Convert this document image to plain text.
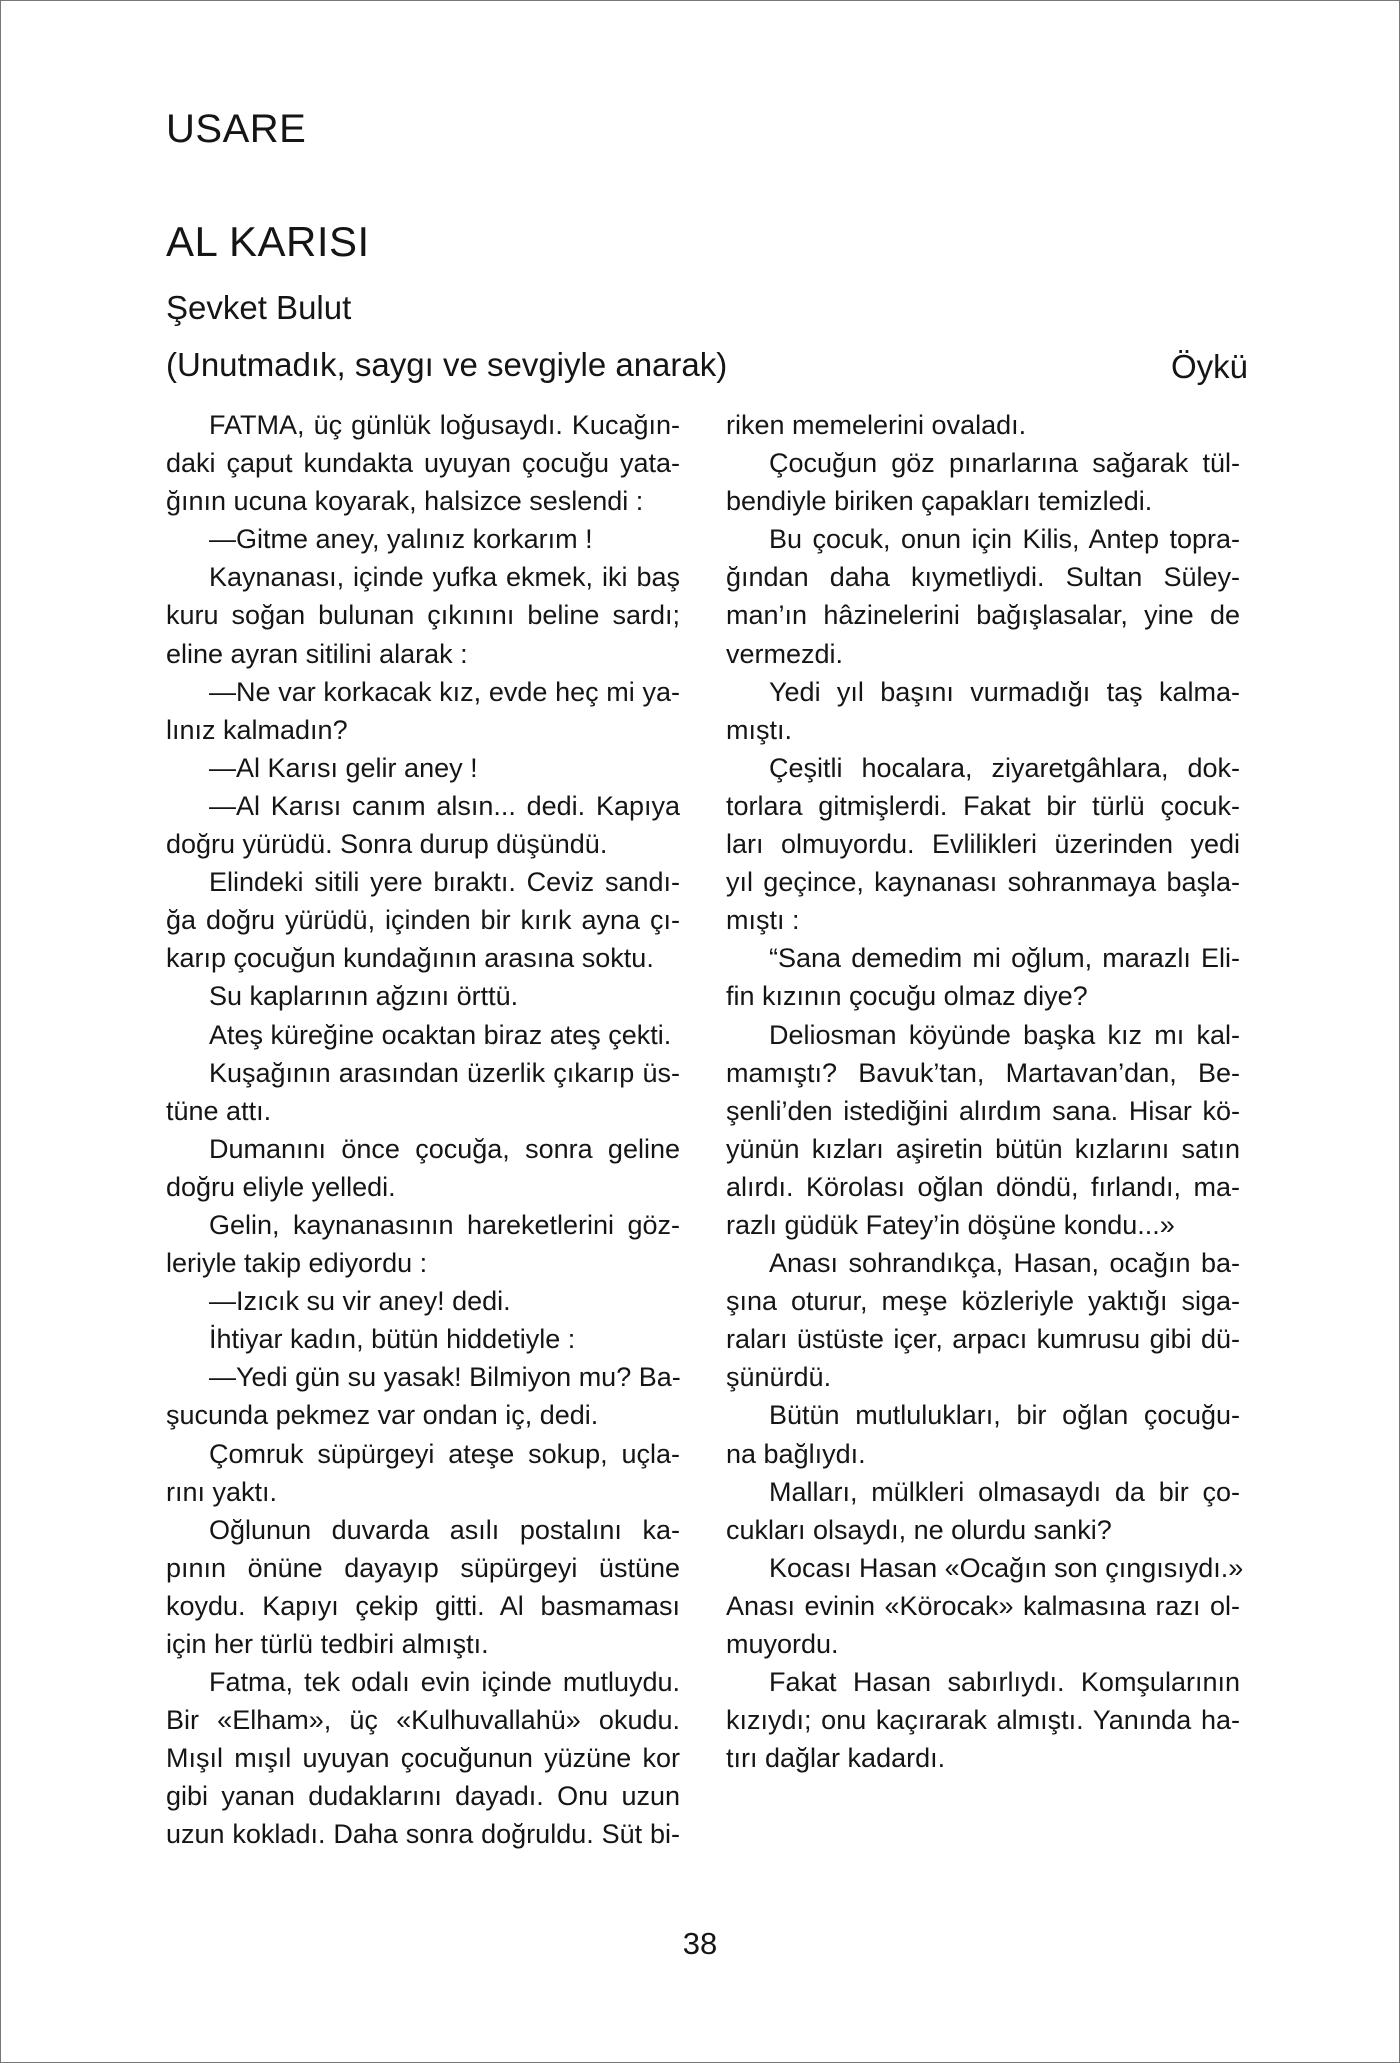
USARE
AL KARISI
Şevket Bulut
(Unutmadık, saygı ve sevgiyle anarak)	Öykü
FATMA, üç günlük loğusaydı. Kucağın-
daki çaput kundakta uyuyan çocuğu yata-
ğının ucuna koyarak, halsizce seslendi :
—Gitme aney, yalınız korkarım !
Kaynanası, içinde yufka ekmek, iki baş
kuru soğan bulunan çıkınını beline sardı;
eline ayran sitilini alarak :
—Ne var korkacak kız, evde heç mi ya-
lınız kalmadın?
—Al Karısı gelir aney !
—Al Karısı canım alsın... dedi. Kapıya
doğru yürüdü. Sonra durup düşündü.
Elindeki sitili yere bıraktı. Ceviz sandı-
ğa doğru yürüdü, içinden bir kırık ayna çı-
karıp çocuğun kundağının arasına soktu.
Su kaplarının ağzını örttü.
Ateş küreğine ocaktan biraz ateş çekti.
Kuşağının arasından üzerlik çıkarıp üs-
tüne attı.
Dumanını önce çocuğa, sonra geline
doğru eliyle yelledi.
Gelin, kaynanasının hareketlerini göz-
leriyle takip ediyordu :
—Izıcık su vir aney! dedi.
İhtiyar kadın, bütün hiddetiyle :
—Yedi gün su yasak! Bilmiyon mu? Ba-
şucunda pekmez var ondan iç, dedi.
Çomruk süpürgeyi ateşe sokup, uçla-
rını yaktı.
Oğlunun duvarda asılı postalını ka-
pının önüne dayayıp süpürgeyi üstüne
koydu. Kapıyı çekip gitti. Al basmaması
için her türlü tedbiri almıştı.
Fatma, tek odalı evin içinde mutluydu.
Bir «Elham», üç «Kulhuvallahü» okudu.
Mışıl mışıl uyuyan çocuğunun yüzüne kor
gibi yanan dudaklarını dayadı. Onu uzun
uzun kokladı. Daha sonra doğruldu. Süt bi-
riken memelerini ovaladı.
Çocuğun göz pınarlarına sağarak tül-
bendiyle biriken çapakları temizledi.
Bu çocuk, onun için Kilis, Antep topra-
ğından daha kıymetliydi. Sultan Süley-
man’ın hâzinelerini bağışlasalar, yine de
vermezdi.
Yedi yıl başını vurmadığı taş kalma-
mıştı.
Çeşitli hocalara, ziyaretgâhlara, dok-
torlara gitmişlerdi. Fakat bir türlü çocuk-
ları olmuyordu. Evlilikleri üzerinden yedi
yıl geçince, kaynanası sohranmaya başla-
mıştı :
“Sana demedim mi oğlum, marazlı Eli-
fin kızının çocuğu olmaz diye?
Deliosman köyünde başka kız mı kal-
mamıştı? Bavuk’tan, Martavan’dan, Be-
şenli’den istediğini alırdım sana. Hisar kö-
yünün kızları aşiretin bütün kızlarını satın
alırdı. Körolası oğlan döndü, fırlandı, ma-
razlı güdük Fatey’in döşüne kondu...»
Anası sohrandıkça, Hasan, ocağın ba-
şına oturur, meşe közleriyle yaktığı siga-
raları üstüste içer, arpacı kumrusu gibi dü-
şünürdü.
Bütün mutlulukları, bir oğlan çocuğu-
na bağlıydı.
Malları, mülkleri olmasaydı da bir ço-
cukları olsaydı, ne olurdu sanki?
Kocası Hasan «Ocağın son çıngısıydı.»
Anası evinin «Körocak» kalmasına razı ol-
muyordu.
Fakat Hasan sabırlıydı. Komşularının
kızıydı; onu kaçırarak almıştı. Yanında ha-
tırı dağlar kadardı.
38
